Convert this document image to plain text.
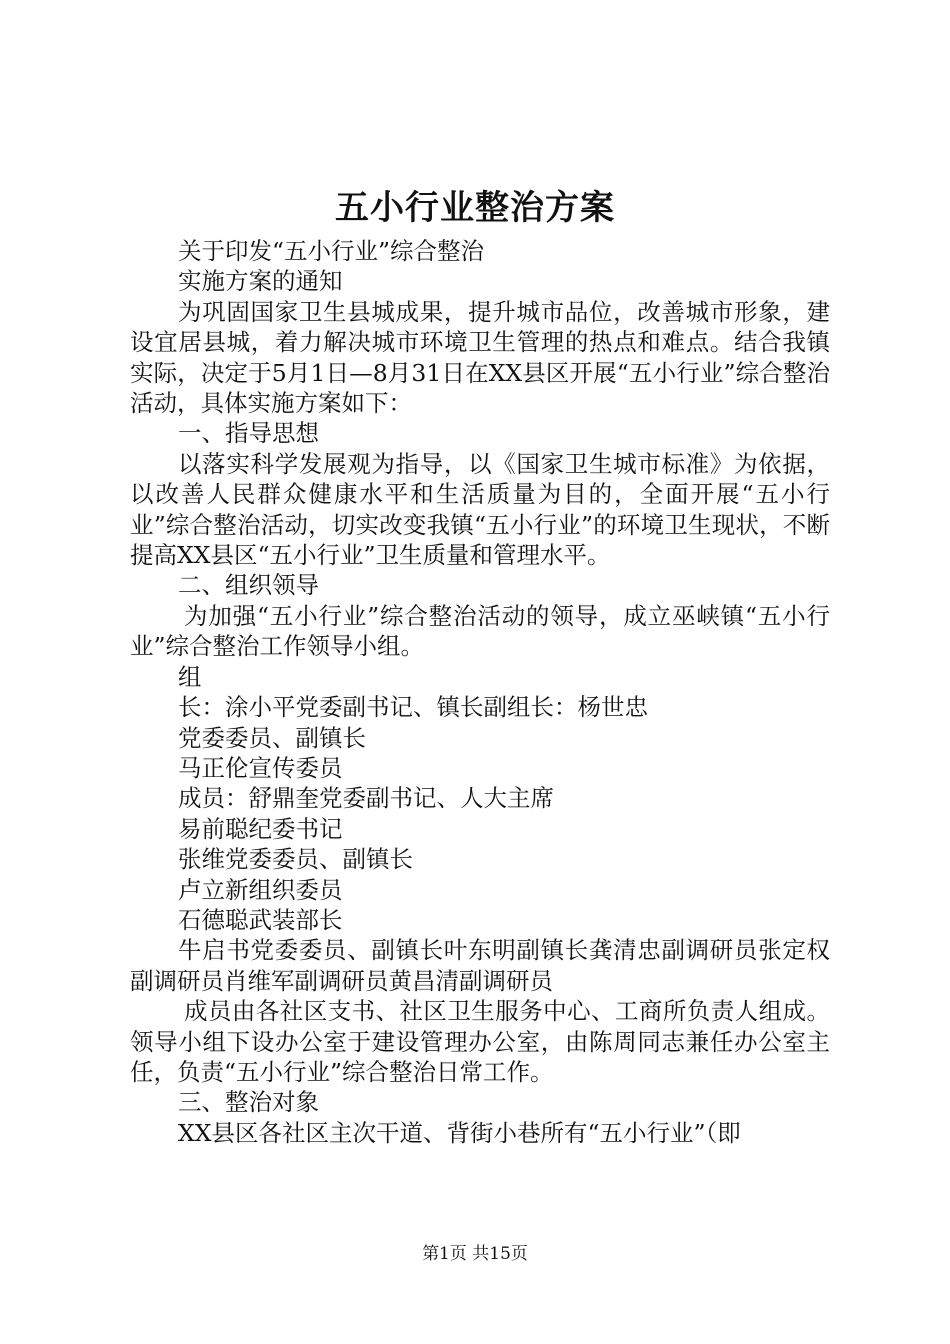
五小行业整治方案

关于印发“五小行业”综合整治

实施方案的通知

为巩固国家卫生县城成果，提升城市品位，改善城市形象，建设宜居县城，着力解决城市环境卫生管理的热点和难点。结合我镇实际，决定于5月1日—8月31日在XX县区开展“五小行业”综合整治活动，具体实施方案如下：

一、指导思想

以落实科学发展观为指导，以《国家卫生城市标准》为依据，以改善人民群众健康水平和生活质量为目的，全面开展“五小行业”综合整治活动，切实改变我镇“五小行业”的环境卫生现状，不断提高XX县区“五小行业”卫生质量和管理水平。

二、组织领导

为加强“五小行业”综合整治活动的领导，成立巫峡镇“五小行业”综合整治工作领导小组。

组

长：涂小平党委副书记、镇长副组长：杨世忠

党委委员、副镇长

马正伦宣传委员

成员：舒鼎奎党委副书记、人大主席

易前聪纪委书记

张维党委委员、副镇长

卢立新组织委员

石德聪武装部长

牛启书党委委员、副镇长叶东明副镇长龚清忠副调研员张定权副调研员肖维军副调研员黄昌清副调研员

成员由各社区支书、社区卫生服务中心、工商所负责人组成。领导小组下设办公室于建设管理办公室，由陈周同志兼任办公室主任，负责“五小行业”综合整治日常工作。

三、整治对象

XX县区各社区主次干道、背街小巷所有“五小行业”（即

第1页 共15页
